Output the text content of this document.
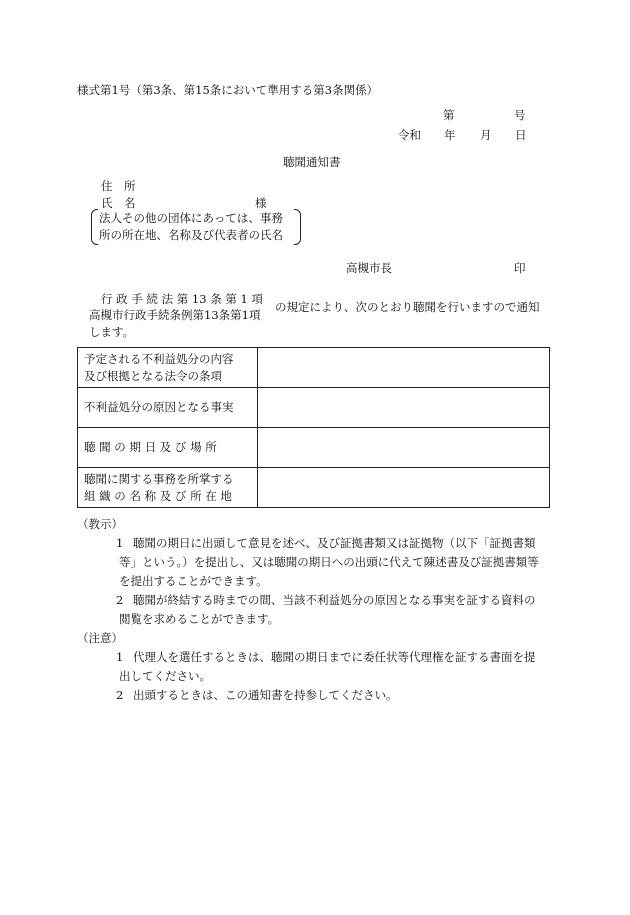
様式第1号（第3条、第15条において準用する第3条関係）
第	号
令和 年 月 日
聴聞通知書
住　所
氏　名	様
法人その他の団体にあっては、事務
所の所在地、名称及び代表者の氏名
高槻市長	印
行 政 手 続 法 第 13 条 第 1 項
高槻市行政手続条例第13条第1項
の規定により、次のとおり聴聞を行いますので通知
します。
予定される不利益処分の内容
及び根拠となる法令の条項	

不利益処分の原因となる事実	

聴 聞 の 期 日 及 び 場 所	

聴聞に関する事務を所掌する
組 織 の 名 称 及 び 所 在 地	

（教示）
1 聴聞の期日に出頭して意見を述べ、及び証拠書類又は証拠物（以下「証拠書類
等」という。）を提出し、又は聴聞の期日への出頭に代えて陳述書及び証拠書類等
を提出することができます。
2 聴聞が終結する時までの間、当該不利益処分の原因となる事実を証する資料の
閲覧を求めることができます。
（注意）
1 代理人を選任するときは、聴聞の期日までに委任状等代理権を証する書面を提
出してください。
2 出頭するときは、この通知書を持参してください。
